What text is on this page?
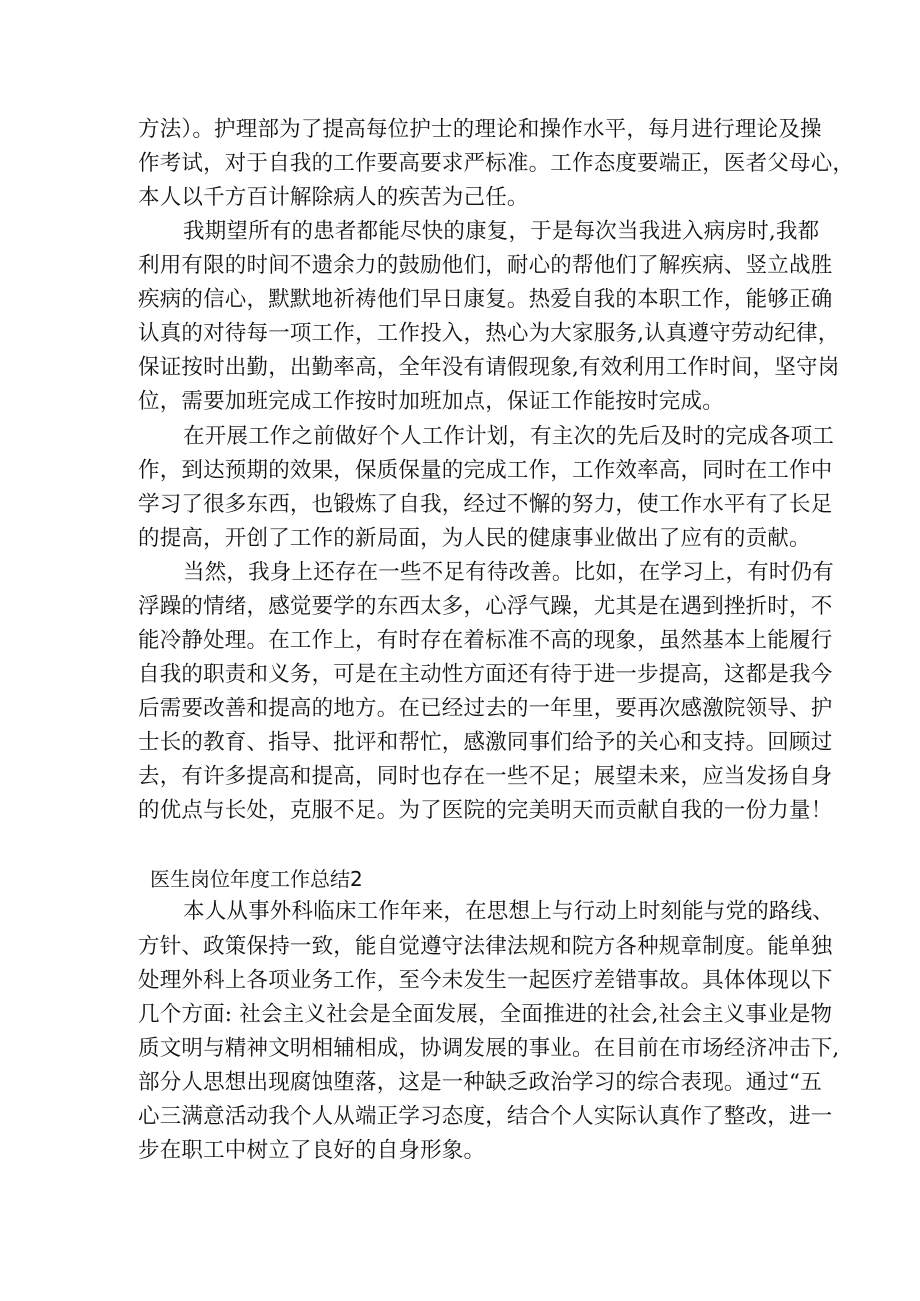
方法）。护理部为了提高每位护士的理论和操作水平，每月进行理论及操
作考试，对于自我的工作要高要求严标准。工作态度要端正，医者父母心，
本人以千方百计解除病人的疾苦为己任。
我期望所有的患者都能尽快的康复，于是每次当我进入病房时,我都
利用有限的时间不遗余力的鼓励他们，耐心的帮他们了解疾病、竖立战胜
疾病的信心，默默地祈祷他们早日康复。热爱自我的本职工作，能够正确
认真的对待每一项工作，工作投入，热心为大家服务,认真遵守劳动纪律，
保证按时出勤，出勤率高，全年没有请假现象,有效利用工作时间，坚守岗
位，需要加班完成工作按时加班加点，保证工作能按时完成。
在开展工作之前做好个人工作计划，有主次的先后及时的完成各项工
作，到达预期的效果，保质保量的完成工作，工作效率高，同时在工作中
学习了很多东西，也锻炼了自我，经过不懈的努力，使工作水平有了长足
的提高，开创了工作的新局面，为人民的健康事业做出了应有的贡献。
当然，我身上还存在一些不足有待改善。比如，在学习上，有时仍有
浮躁的情绪，感觉要学的东西太多，心浮气躁，尤其是在遇到挫折时，不
能冷静处理。在工作上，有时存在着标准不高的现象，虽然基本上能履行
自我的职责和义务，可是在主动性方面还有待于进一步提高，这都是我今
后需要改善和提高的地方。在已经过去的一年里，要再次感激院领导、护
士长的教育、指导、批评和帮忙，感激同事们给予的关心和支持。回顾过
去，有许多提高和提高，同时也存在一些不足；展望未来，应当发扬自身
的优点与长处，克服不足。为了医院的完美明天而贡献自我的一份力量！
医生岗位年度工作总结2
本人从事外科临床工作年来，在思想上与行动上时刻能与党的路线、
方针、政策保持一致，能自觉遵守法律法规和院方各种规章制度。能单独
处理外科上各项业务工作，至今未发生一起医疗差错事故。具体体现以下
几个方面: 社会主义社会是全面发展，全面推进的社会,社会主义事业是物
质文明与精神文明相辅相成，协调发展的事业。在目前在市场经济冲击下,
部分人思想出现腐蚀堕落，这是一种缺乏政治学习的综合表现。通过“五
心三满意活动我个人从端正学习态度，结合个人实际认真作了整改，进一
步在职工中树立了良好的自身形象。
